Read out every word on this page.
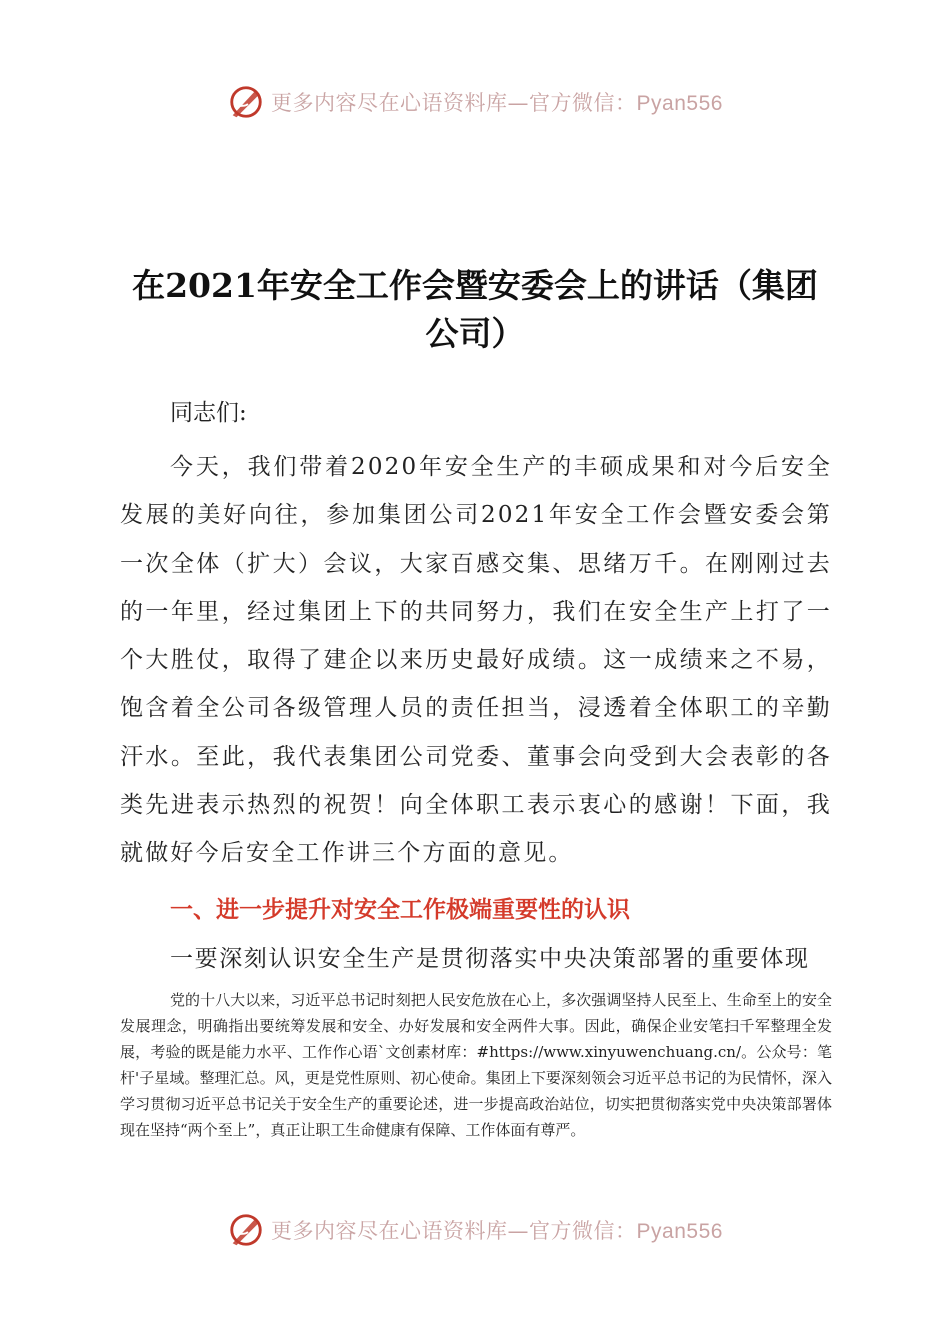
更多内容尽在心语资料库—官方微信：Pyan556
在2021年安全工作会暨安委会上的讲话（集团公司）
同志们:
今天，我们带着2020年安全生产的丰硕成果和对今后安全发展的美好向往，参加集团公司2021年安全工作会暨安委会第一次全体（扩大）会议，大家百感交集、思绪万千。在刚刚过去的一年里，经过集团上下的共同努力，我们在安全生产上打了一个大胜仗，取得了建企以来历史最好成绩。这一成绩来之不易，饱含着全公司各级管理人员的责任担当，浸透着全体职工的辛勤汗水。至此，我代表集团公司党委、董事会向受到大会表彰的各类先进表示热烈的祝贺！向全体职工表示衷心的感谢！下面，我就做好今后安全工作讲三个方面的意见。
一、进一步提升对安全工作极端重要性的认识
一要深刻认识安全生产是贯彻落实中央决策部署的重要体现
党的十八大以来，习近平总书记时刻把人民安危放在心上，多次强调坚持人民至上、生命至上的安全发展理念，明确指出要统筹发展和安全、办好发展和安全两件大事。因此，确保企业安笔扫千军整理全发展，考验的既是能力水平、工作作心语`文创素材库：#https://www.xinyuwenchuang.cn/。公众号：笔杆'子星域。整理汇总。风，更是党性原则、初心使命。集团上下要深刻领会习近平总书记的为民情怀，深入学习贯彻习近平总书记关于安全生产的重要论述，进一步提高政治站位，切实把贯彻落实党中央决策部署体现在坚持“两个至上”，真正让职工生命健康有保障、工作体面有尊严。
更多内容尽在心语资料库—官方微信：Pyan556
